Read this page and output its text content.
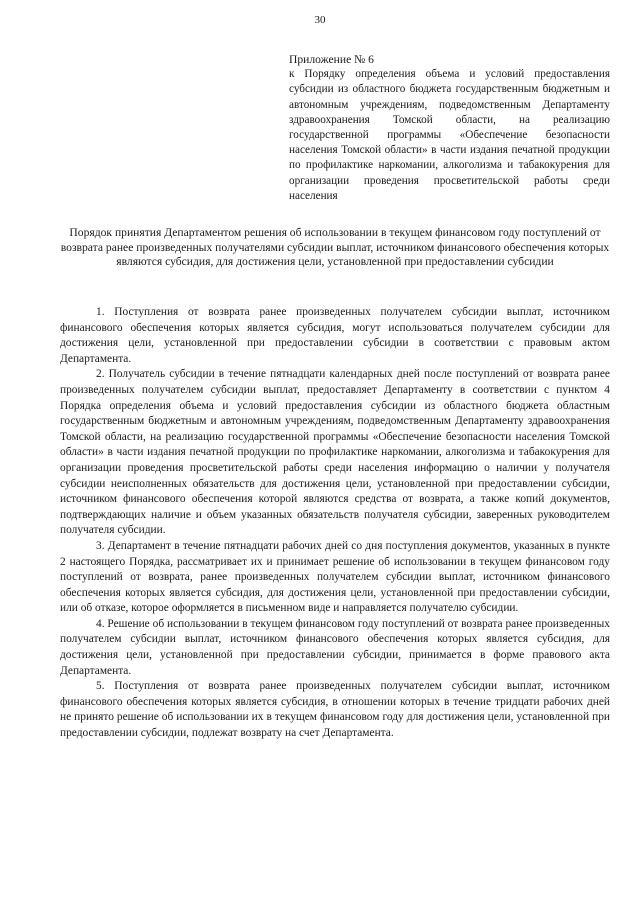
30

Приложение № 6

к Порядку определения объема и условий предоставления субсидии из областного бюджета государственным бюджетным и автономным учреждениям, подведомственным Департаменту здравоохранения Томской области, на реализацию государственной программы «Обеспечение безопасности населения Томской области» в части издания печатной продукции по профилактике наркомании, алкоголизма и табакокурения для организации проведения просветительской работы среди населения

Порядок принятия Департаментом решения об использовании в текущем финансовом году поступлений от возврата ранее произведенных получателями субсидии выплат, источником финансового обеспечения которых являются субсидия, для достижения цели, установленной при предоставлении субсидии

1. Поступления от возврата ранее произведенных получателем субсидии выплат, источником финансового обеспечения которых является субсидия, могут использоваться получателем субсидии для достижения цели, установленной при предоставлении субсидии в соответствии с правовым актом Департамента.

2. Получатель субсидии в течение пятнадцати календарных дней после поступлений от возврата ранее произведенных получателем субсидии выплат, предоставляет Департаменту в соответствии с пунктом 4 Порядка определения объема и условий предоставления субсидии из областного бюджета областным государственным бюджетным и автономным учреждениям, подведомственным Департаменту здравоохранения Томской области, на реализацию государственной программы «Обеспечение безопасности населения Томской области» в части издания печатной продукции по профилактике наркомании, алкоголизма и табакокурения для организации проведения просветительской работы среди населения информацию о наличии у получателя субсидии неисполненных обязательств для достижения цели, установленной при предоставлении субсидии, источником финансового обеспечения которой являются средства от возврата, а также копий документов, подтверждающих наличие и объем указанных обязательств получателя субсидии, заверенных руководителем получателя субсидии.

3. Департамент в течение пятнадцати рабочих дней со дня поступления документов, указанных в пункте 2 настоящего Порядка, рассматривает их и принимает решение об использовании в текущем финансовом году поступлений от возврата, ранее произведенных получателем субсидии выплат, источником финансового обеспечения которых является субсидия, для достижения цели, установленной при предоставлении субсидии, или об отказе, которое оформляется в письменном виде и направляется получателю субсидии.

4. Решение об использовании в текущем финансовом году поступлений от возврата ранее произведенных получателем субсидии выплат, источником финансового обеспечения которых является субсидия, для достижения цели, установленной при предоставлении субсидии, принимается в форме правового акта Департамента.

5. Поступления от возврата ранее произведенных получателем субсидии выплат, источником финансового обеспечения которых является субсидия, в отношении которых в течение тридцати рабочих дней не принято решение об использовании их в текущем финансовом году для достижения цели, установленной при предоставлении субсидии, подлежат возврату на счет Департамента.
